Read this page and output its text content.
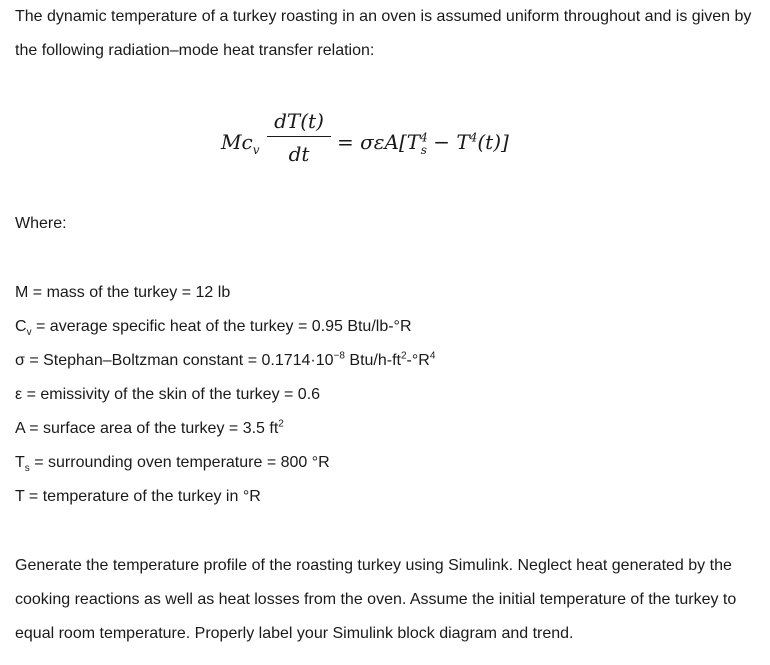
The dynamic temperature of a turkey roasting in an oven is assumed uniform throughout and is given by the following radiation–mode heat transfer relation:
$Mc_v$
dT(t)
dt	= $\sigma\varepsilon A[T^4_s - T^4(t)]$
Where:
M = mass of the turkey = 12 lb
$C_v$ = average specific heat of the turkey = 0.95 Btu/lb-°R
σ = Stephan–Boltzman constant = $0.1714\cdot 10^{-8}$ Btu/$h-ft^2-^\circ R^4$
ε = emissivity of the skin of the turkey = 0.6
A = surface area of the turkey = 3.5 $ft^2$
$T_s$ = surrounding oven temperature = 800 °R
T = temperature of the turkey in °R
Generate the temperature profile of the roasting turkey using Simulink. Neglect heat generated by the cooking reactions as well as heat losses from the oven. Assume the initial temperature of the turkey to equal room temperature. Properly label your Simulink block diagram and trend.
